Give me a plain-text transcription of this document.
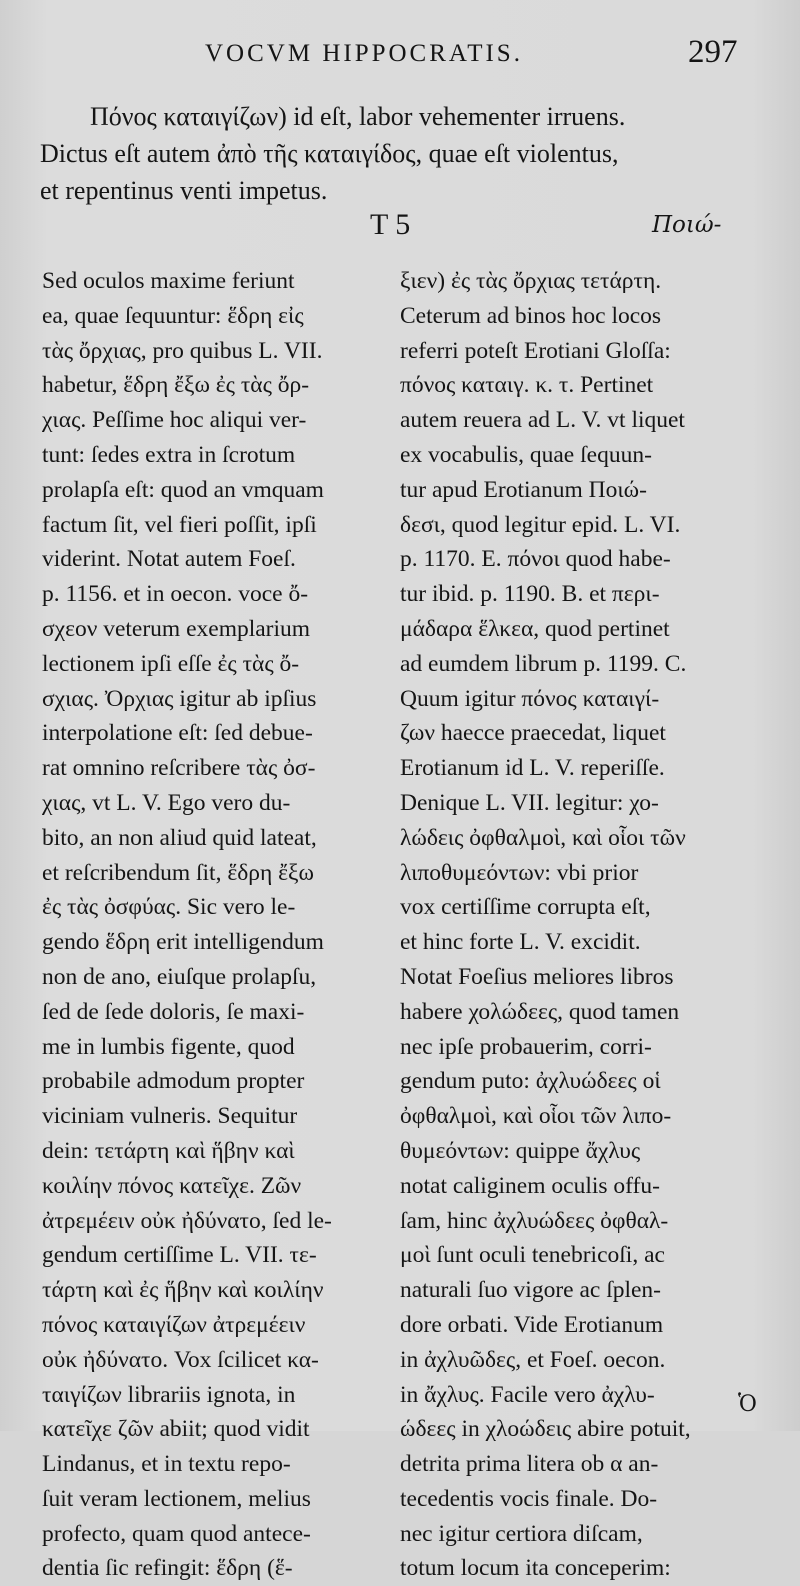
VOCVM HIPPOCRATIS.	297
Πόνος καταιγίζων) id eſt, labor vehementer irruens.
Dictus eſt autem ἀπὸ τῆς καταιγίδος, quae eſt violentus,
et repentinus venti impetus.
T 5	Ποιώ-
Sed oculos maxime feriunt
ea, quae ſequuntur: ἕδρη εἰς
τὰς ὄρχιας, pro quibus L. VII.
habetur, ἕδρη ἔξω ἐς τὰς ὄρ-
χιας. Peſſime hoc aliqui ver-
tunt: ſedes extra in ſcrotum
prolapſa eſt: quod an vmquam
factum ſit, vel fieri poſſit, ipſi
viderint. Notat autem Foeſ.
p. 1156. et in oecon. voce ὄ-
σχεον veterum exemplarium
lectionem ipſi eſſe ἐς τὰς ὄ-
σχιας. Ὀρχιας igitur ab ipſius
interpolatione eſt: ſed debue-
rat omnino reſcribere τὰς ὀσ-
χιας, vt L. V. Ego vero du-
bito, an non aliud quid lateat,
et reſcribendum ſit, ἕδρη ἔξω
ἐς τὰς ὀσφύας. Sic vero le-
gendo ἕδρη erit intelligendum
non de ano, eiuſque prolapſu,
ſed de ſede doloris, ſe maxi-
me in lumbis figente, quod
probabile admodum propter
viciniam vulneris. Sequitur
dein: τετάρτη καὶ ἥβην καὶ
κοιλίην πόνος κατεῖχε. Ζῶν
ἀτρεμέειν οὐκ ἠδύνατο, ſed le-
gendum certiſſime L. VII. τε-
τάρτη καὶ ἐς ἥβην καὶ κοιλίην
πόνος καταιγίζων ἀτρεμέειν
οὐκ ἠδύνατο. Vox ſcilicet κα-
ταιγίζων librariis ignota, in
κατεῖχε ζῶν abiit; quod vidit
Lindanus, et in textu repo-
ſuit veram lectionem, melius
profecto, quam quod antece-
dentia ſic refingit: ἕδρη (ἕ-
ξιεν) ἐς τὰς ὄρχιας τετάρτη.
Ceterum ad binos hoc locos
referri poteſt Erotiani Gloſſa:
πόνος καταιγ. κ. τ. Pertinet
autem reuera ad L. V. vt liquet
ex vocabulis, quae ſequun-
tur apud Erotianum Ποιώ-
δεσι, quod legitur epid. L. VI.
p. 1170. E. πόνοι quod habe-
tur ibid. p. 1190. B. et περι-
μάδαρα ἕλκεα, quod pertinet
ad eumdem librum p. 1199. C.
Quum igitur πόνος καταιγί-
ζων haecce praecedat, liquet
Erotianum id L. V. reperiſſe.
Denique L. VII. legitur: χο-
λώδεις ὀφθαλμοὶ, καὶ οἷοι τῶν
λιποθυμεόντων: vbi prior
vox certiſſime corrupta eſt,
et hinc forte L. V. excidit.
Notat Foeſius meliores libros
habere χολώδεες, quod tamen
nec ipſe probauerim, corri-
gendum puto: ἀχλυώδεες οἱ
ὀφθαλμοὶ, καὶ οἷοι τῶν λιπο-
θυμεόντων: quippe ἄχλυς
notat caliginem oculis offu-
ſam, hinc ἀχλυώδεες ὀφθαλ-
μοὶ ſunt oculi tenebricoſi, ac
naturali ſuo vigore ac ſplen-
dore orbati. Vide Erotianum
in ἀχλυῶδες, et Foeſ. oecon.
in ἄχλυς. Facile vero ἀχλυ-
ώδεες in χλοώδεις abire potuit,
detrita prima litera ob α an-
tecedentis vocis finale. Do-
nec igitur certiora diſcam,
totum locum ita conceperim:
Ὁ
